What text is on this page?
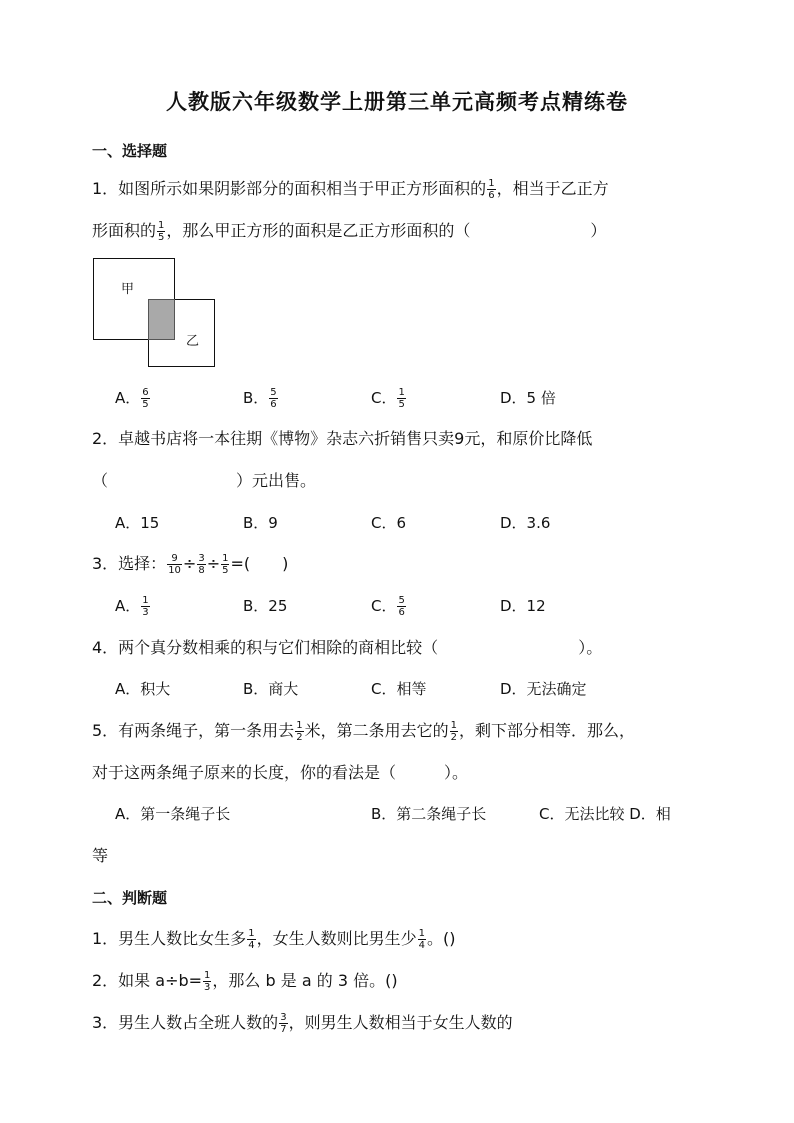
人教版六年级数学上册第三单元高频考点精练卷
一、选择题
1．如图所示如果阴影部分的面积相当于甲正方形面积的 $\frac{1}{6}$ ，相当于乙正方
形面积的 $\frac{1}{5}$ ，那么甲正方形的面积是乙正方形面积的（	）
甲
乙
A． $\frac{6}{5}$	B． $\frac{5}{6}$	C． $\frac{1}{5}$	D．5 倍
2．卓越书店将一本往期《博物》杂志六折销售只卖9元，和原价比降低
（	）元出售。
A．15	B．9	C．6	D．3.6
3．选择： $\frac{9}{10} \div \frac{3}{8} \div \frac{1}{5}$ =(　　)
A． $\frac{1}{3}$	B．25	C． $\frac{5}{6}$	D．12
4．两个真分数相乘的积与它们相除的商相比较（	）。
A．积大	B．商大	C．相等	D．无法确定
5．有两条绳子，第一条用去 $\frac{1}{2}$ 米，第二条用去它的 $\frac{1}{2}$ ，剩下部分相等．那么，
对于这两条绳子原来的长度，你的看法是（　　　）。
A．第一条绳子长	B．第二条绳子长	C．无法比较 D．相
等
二、判断题
1．男生人数比女生多 $\frac{1}{4}$ ，女生人数则比男生少 $\frac{1}{4}$ 。()
2．如果 $a\div b= \frac{1}{3}$ ，那么 b 是 a 的 3 倍。()
3．男生人数占全班人数的 $\frac{3}{7}$ ，则男生人数相当于女生人数的
